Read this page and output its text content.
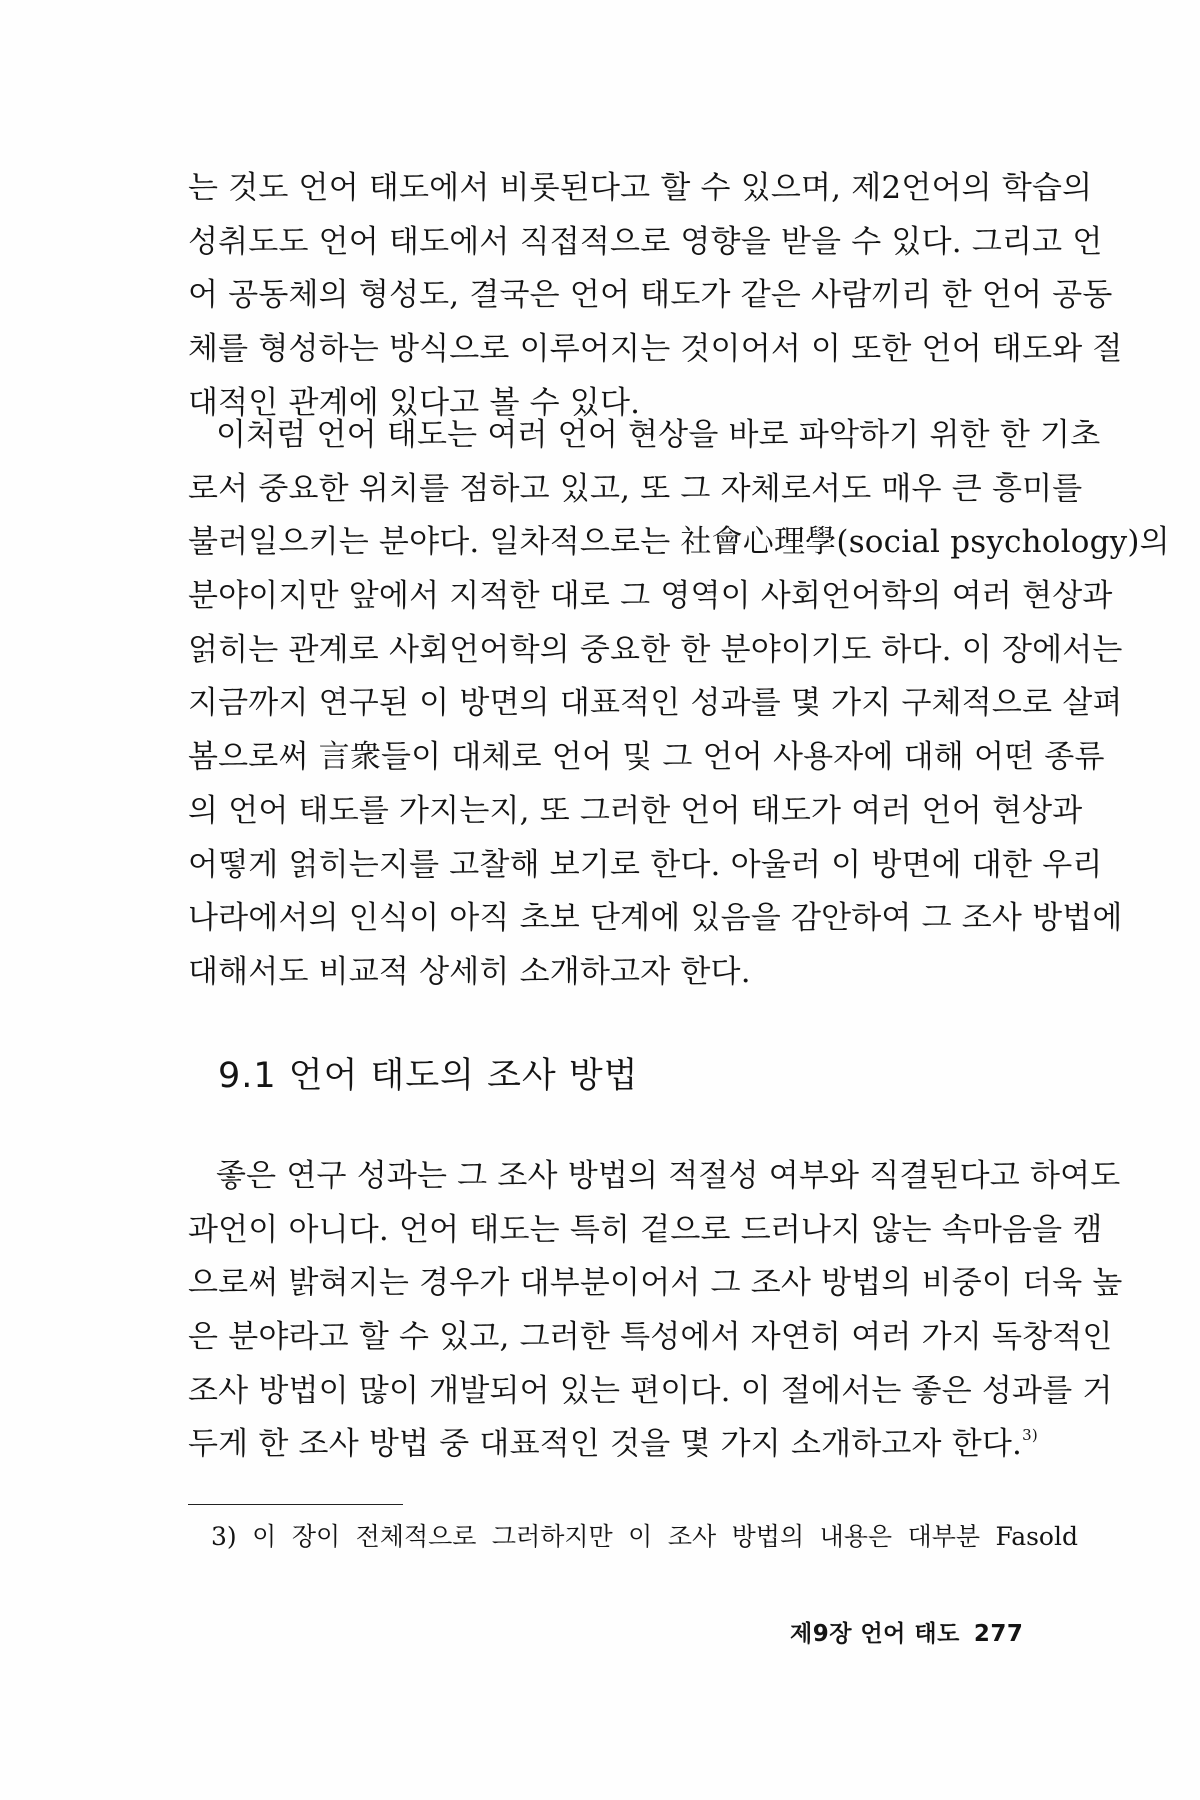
는 것도 언어 태도에서 비롯된다고 할 수 있으며, 제2언어의 학습의
성취도도 언어 태도에서 직접적으로 영향을 받을 수 있다. 그리고 언
어 공동체의 형성도, 결국은 언어 태도가 같은 사람끼리 한 언어 공동
체를 형성하는 방식으로 이루어지는 것이어서 이 또한 언어 태도와 절
대적인 관계에 있다고 볼 수 있다.
이처럼 언어 태도는 여러 언어 현상을 바로 파악하기 위한 한 기초
로서 중요한 위치를 점하고 있고, 또 그 자체로서도 매우 큰 흥미를
불러일으키는 분야다. 일차적으로는 社會心理學(social psychology)의
분야이지만 앞에서 지적한 대로 그 영역이 사회언어학의 여러 현상과
얽히는 관계로 사회언어학의 중요한 한 분야이기도 하다. 이 장에서는
지금까지 연구된 이 방면의 대표적인 성과를 몇 가지 구체적으로 살펴
봄으로써 言衆들이 대체로 언어 및 그 언어 사용자에 대해 어떤 종류
의 언어 태도를 가지는지, 또 그러한 언어 태도가 여러 언어 현상과
어떻게 얽히는지를 고찰해 보기로 한다. 아울러 이 방면에 대한 우리
나라에서의 인식이 아직 초보 단계에 있음을 감안하여 그 조사 방법에
대해서도 비교적 상세히 소개하고자 한다.
9.1 언어 태도의 조사 방법
좋은 연구 성과는 그 조사 방법의 적절성 여부와 직결된다고 하여도
과언이 아니다. 언어 태도는 특히 겉으로 드러나지 않는 속마음을 캠
으로써 밝혀지는 경우가 대부분이어서 그 조사 방법의 비중이 더욱 높
은 분야라고 할 수 있고, 그러한 특성에서 자연히 여러 가지 독창적인
조사 방법이 많이 개발되어 있는 편이다. 이 절에서는 좋은 성과를 거
두게 한 조사 방법 중 대표적인 것을 몇 가지 소개하고자 한다.$^{3)}$
3) 이 장이 전체적으로 그러하지만 이 조사 방법의 내용은 대부분 Fasold
제9장 언어 태도 277
